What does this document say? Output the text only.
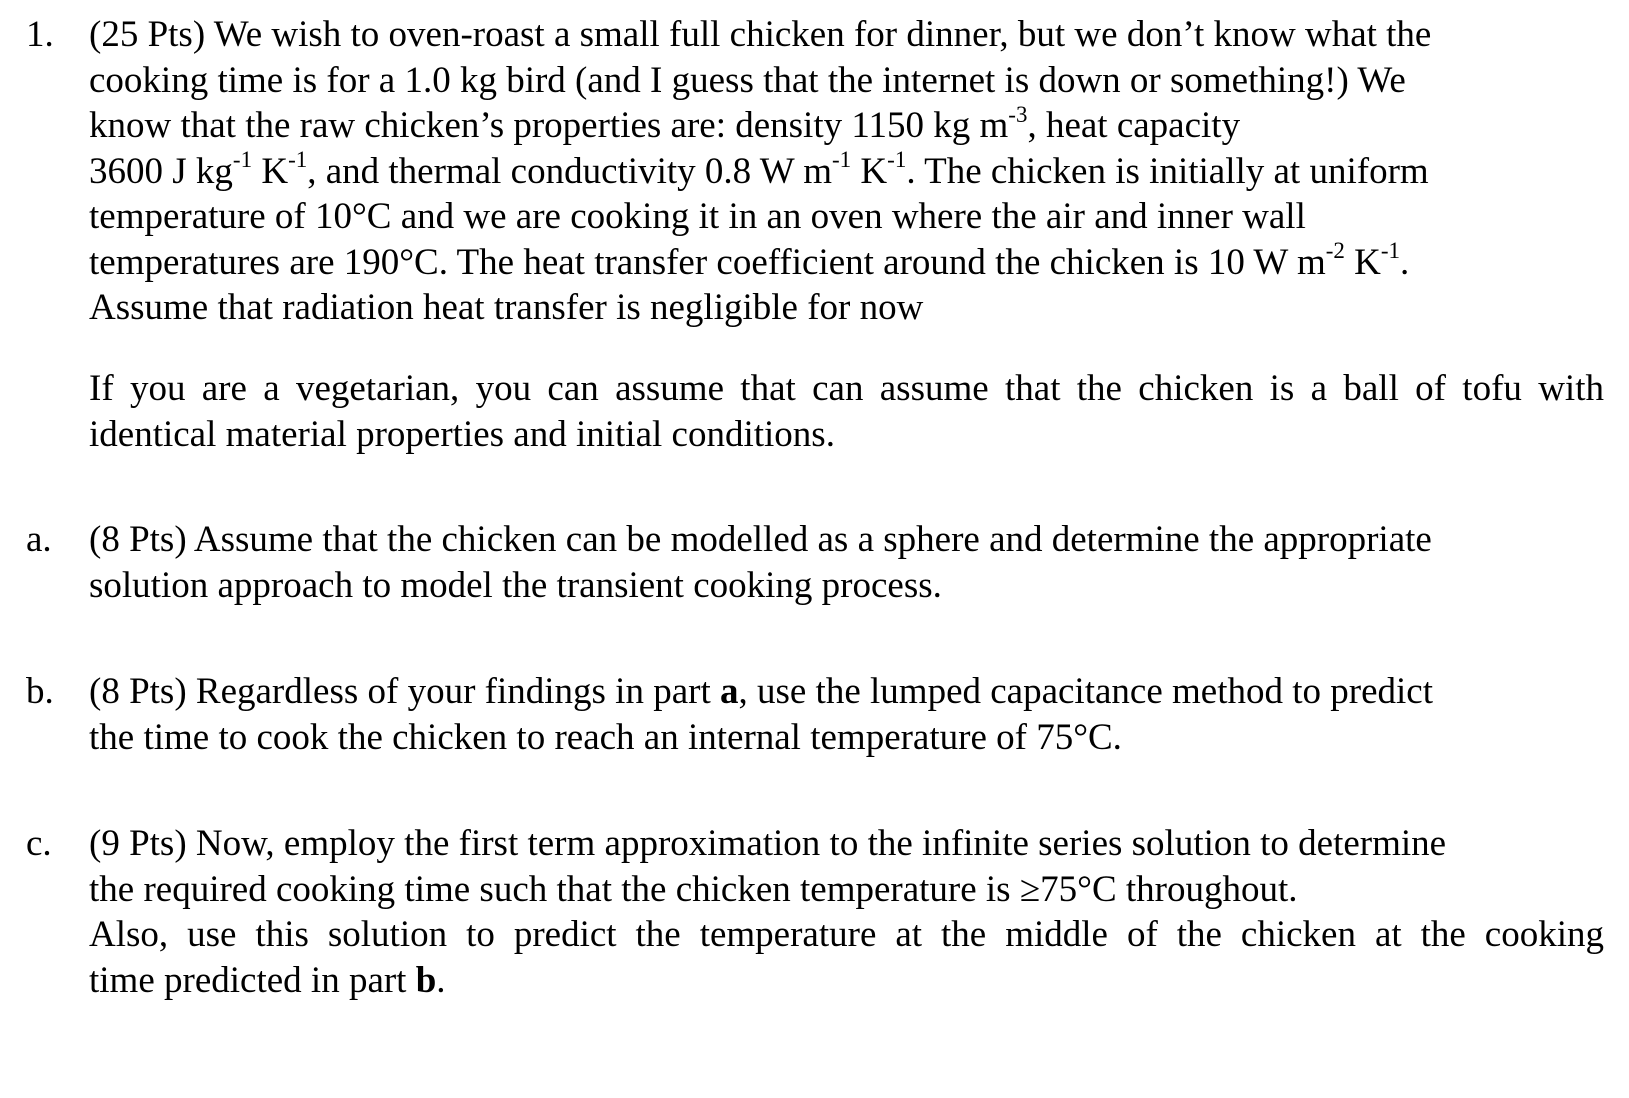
1. (25 Pts) We wish to oven-roast a small full chicken for dinner, but we don’t know what the
cooking time is for a 1.0 kg bird (and I guess that the internet is down or something!) We
know that the raw chicken’s properties are: density 1150 kg $m^{-3}$, heat capacity
3600 J $kg^{-1}$ $K^{-1}$, and thermal conductivity 0.8 W $m^{-1}$ $K^{-1}$. The chicken is initially at uniform
temperature of 10°C and we are cooking it in an oven where the air and inner wall
temperatures are 190°C. The heat transfer coefficient around the chicken is 10 W $m^{-2}$ $K^{-1}$.
Assume that radiation heat transfer is negligible for now
If you are a vegetarian, you can assume that can assume that the chicken is a ball of tofu with
identical material properties and initial conditions.
a. (8 Pts) Assume that the chicken can be modelled as a sphere and determine the appropriate
solution approach to model the transient cooking process.
b. (8 Pts) Regardless of your findings in part a, use the lumped capacitance method to predict
the time to cook the chicken to reach an internal temperature of 75°C.
c. (9 Pts) Now, employ the first term approximation to the infinite series solution to determine
the required cooking time such that the chicken temperature is ≥75°C throughout.
Also, use this solution to predict the temperature at the middle of the chicken at the cooking
time predicted in part b.
